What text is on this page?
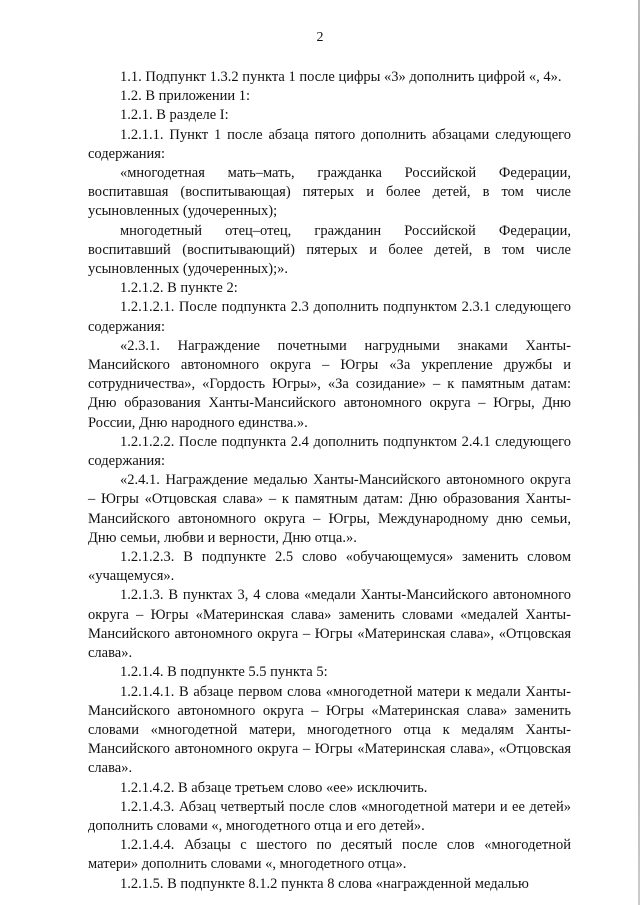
2

1.1. Подпункт 1.3.2 пункта 1 после цифры «3» дополнить цифрой «, 4».

1.2. В приложении 1:

1.2.1. В разделе I:

1.2.1.1. Пункт 1 после абзаца пятого дополнить абзацами следующего содержания:

«многодетная мать–мать, гражданка Российской Федерации, воспитавшая (воспитывающая) пятерых и более детей, в том числе усыновленных (удочеренных);

многодетный отец–отец, гражданин Российской Федерации, воспитавший (воспитывающий) пятерых и более детей, в том числе усыновленных (удочеренных);».

1.2.1.2. В пункте 2:

1.2.1.2.1. После подпункта 2.3 дополнить подпунктом 2.3.1 следующего содержания:

«2.3.1. Награждение почетными нагрудными знаками Ханты-Мансийского автономного округа – Югры «За укрепление дружбы и сотрудничества», «Гордость Югры», «За созидание» – к памятным датам: Дню образования Ханты-Мансийского автономного округа – Югры, Дню России, Дню народного единства.».

1.2.1.2.2. После подпункта 2.4 дополнить подпунктом 2.4.1 следующего содержания:

«2.4.1. Награждение медалью Ханты-Мансийского автономного округа – Югры «Отцовская слава» – к памятным датам: Дню образования Ханты-Мансийского автономного округа – Югры, Международному дню семьи, Дню семьи, любви и верности, Дню отца.».

1.2.1.2.3. В подпункте 2.5 слово «обучающемуся» заменить словом «учащемуся».

1.2.1.3. В пунктах 3, 4 слова «медали Ханты-Мансийского автономного округа – Югры «Материнская слава» заменить словами «медалей Ханты-Мансийского автономного округа – Югры «Материнская слава», «Отцовская слава».

1.2.1.4. В подпункте 5.5 пункта 5:

1.2.1.4.1. В абзаце первом слова «многодетной матери к медали Ханты-Мансийского автономного округа – Югры «Материнская слава» заменить словами «многодетной матери, многодетного отца к медалям Ханты-Мансийского автономного округа – Югры «Материнская слава», «Отцовская слава».

1.2.1.4.2. В абзаце третьем слово «ее» исключить.

1.2.1.4.3. Абзац четвертый после слов «многодетной матери и ее детей» дополнить словами «, многодетного отца и его детей».

1.2.1.4.4. Абзацы с шестого по десятый после слов «многодетной матери» дополнить словами «, многодетного отца».

1.2.1.5. В подпункте 8.1.2 пункта 8 слова «награжденной медалью
